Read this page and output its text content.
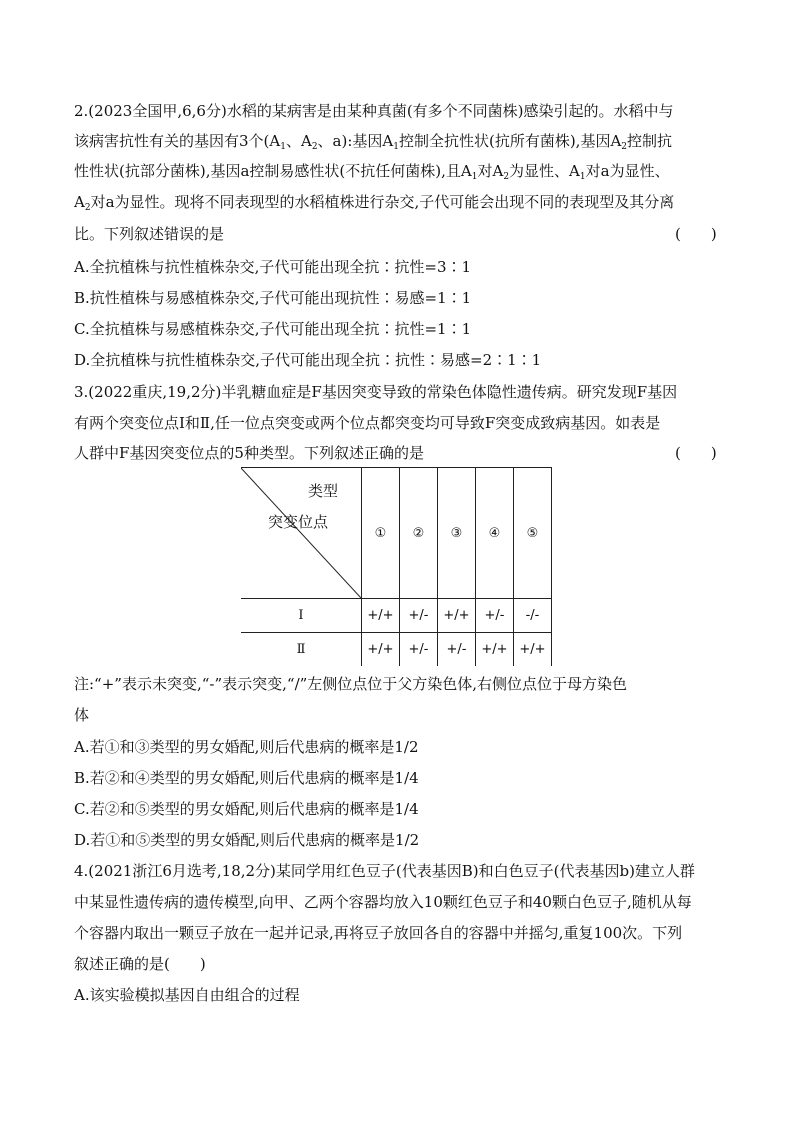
2.(2023全国甲,6,6分)水稻的某病害是由某种真菌(有多个不同菌株)感染引起的。水稻中与
该病害抗性有关的基因有3个($A_1$、$A_2$、a):基因$A_1$控制全抗性状(抗所有菌株),基因$A_2$控制抗
性性状(抗部分菌株),基因a控制易感性状(不抗任何菌株),且$A_1$对$A_2$为显性、$A_1$对a为显性、
$A_2$对a为显性。现将不同表现型的水稻植株进行杂交,子代可能会出现不同的表现型及其分离
比。下列叙述错误的是	(　　)
A.全抗植株与抗性植株杂交,子代可能出现全抗∶抗性=3∶1
B.抗性植株与易感植株杂交,子代可能出现抗性∶易感=1∶1
C.全抗植株与易感植株杂交,子代可能出现全抗∶抗性=1∶1
D.全抗植株与抗性植株杂交,子代可能出现全抗∶抗性∶易感=2∶1∶1
3.(2022重庆,19,2分)半乳糖血症是F基因突变导致的常染色体隐性遗传病。研究发现F基因
有两个突变位点Ⅰ和Ⅱ,任一位点突变或两个位点都突变均可导致F突变成致病基因。如表是
人群中F基因突变位点的5种类型。下列叙述正确的是	(　　)
类型
突变位点	①	②	③	④	⑤
Ⅰ	+/+	+/-	+/+	+/-	-/-
Ⅱ	+/+	+/-	+/-	+/+	+/+
注:“+”表示未突变,“-”表示突变,“/”左侧位点位于父方染色体,右侧位点位于母方染色
体
A.若①和③类型的男女婚配,则后代患病的概率是1/2
B.若②和④类型的男女婚配,则后代患病的概率是1/4
C.若②和⑤类型的男女婚配,则后代患病的概率是1/4
D.若①和⑤类型的男女婚配,则后代患病的概率是1/2
4.(2021浙江6月选考,18,2分)某同学用红色豆子(代表基因B)和白色豆子(代表基因b)建立人群
中某显性遗传病的遗传模型,向甲、乙两个容器均放入10颗红色豆子和40颗白色豆子,随机从每
个容器内取出一颗豆子放在一起并记录,再将豆子放回各自的容器中并摇匀,重复100次。下列
叙述正确的是(　　)
A.该实验模拟基因自由组合的过程
